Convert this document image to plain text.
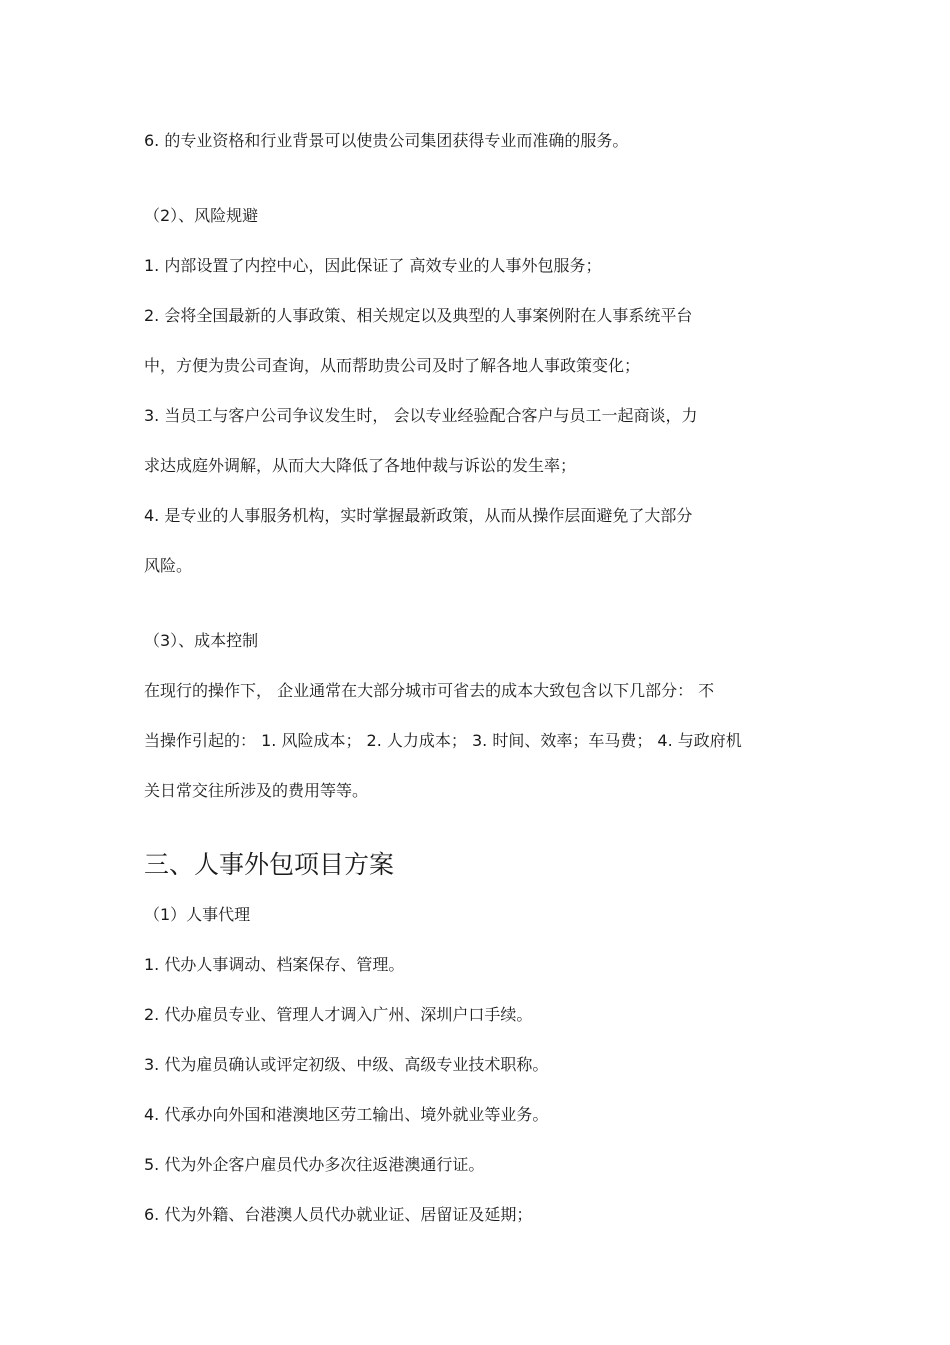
6. 的专业资格和行业背景可以使贵公司集团获得专业而准确的服务。
（2）、风险规避
1. 内部设置了内控中心，因此保证了 高效专业的人事外包服务；
2. 会将全国最新的人事政策、相关规定以及典型的人事案例附在人事系统平台
中，方便为贵公司查询，从而帮助贵公司及时了解各地人事政策变化；
3. 当员工与客户公司争议发生时， 会以专业经验配合客户与员工一起商谈，力
求达成庭外调解，从而大大降低了各地仲裁与诉讼的发生率；
4. 是专业的人事服务机构，实时掌握最新政策，从而从操作层面避免了大部分
风险。
（3）、成本控制
在现行的操作下， 企业通常在大部分城市可省去的成本大致包含以下几部分： 不
当操作引起的： 1. 风险成本； 2. 人力成本； 3. 时间、效率；车马费； 4. 与政府机
关日常交往所涉及的费用等等。
三、人事外包项目方案
（1）人事代理
1. 代办人事调动、档案保存、管理。
2. 代办雇员专业、管理人才调入广州、深圳户口手续。
3. 代为雇员确认或评定初级、中级、高级专业技术职称。
4. 代承办向外国和港澳地区劳工输出、境外就业等业务。
5. 代为外企客户雇员代办多次往返港澳通行证。
6. 代为外籍、台港澳人员代办就业证、居留证及延期；
